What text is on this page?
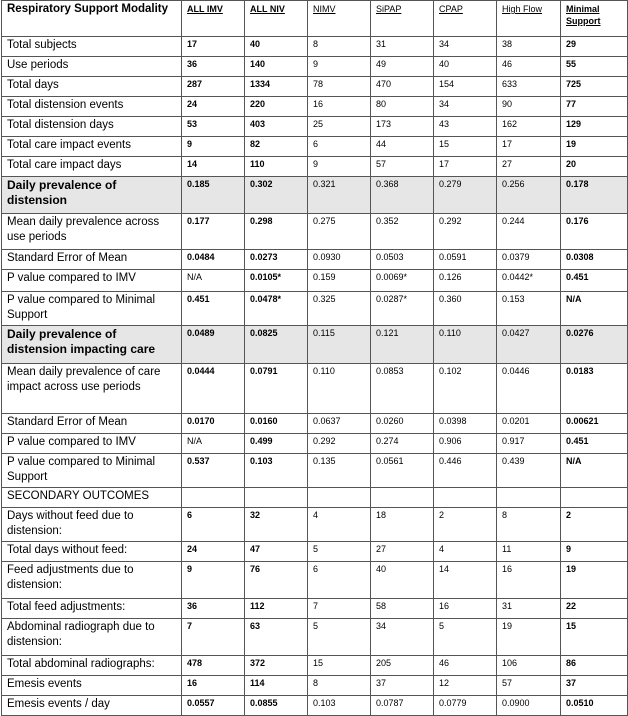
Respiratory Support Modality	ALL IMV	ALL NIV	NIMV	SiPAP	CPAP	High Flow	Minimal Support
Total subjects	17	40	8	31	34	38	29
Use periods	36	140	9	49	40	46	55
Total days	287	1334	78	470	154	633	725
Total distension events	24	220	16	80	34	90	77
Total distension days	53	403	25	173	43	162	129
Total care impact events	9	82	6	44	15	17	19
Total care impact days	14	110	9	57	17	27	20
Daily prevalence of distension	0.185	0.302	0.321	0.368	0.279	0.256	0.178
Mean daily prevalence across use periods	0.177	0.298	0.275	0.352	0.292	0.244	0.176
Standard Error of Mean	0.0484	0.0273	0.0930	0.0503	0.0591	0.0379	0.0308
P value compared to IMV	N/A	0.0105*	0.159	0.0069*	0.126	0.0442*	0.451
P value compared to Minimal Support	0.451	0.0478*	0.325	0.0287*	0.360	0.153	N/A
Daily prevalence of distension impacting care	0.0489	0.0825	0.115	0.121	0.110	0.0427	0.0276
Mean daily prevalence of care impact across use periods	0.0444	0.0791	0.110	0.0853	0.102	0.0446	0.0183
Standard Error of Mean	0.0170	0.0160	0.0637	0.0260	0.0398	0.0201	0.00621
P value compared to IMV	N/A	0.499	0.292	0.274	0.906	0.917	0.451
P value compared to Minimal Support	0.537	0.103	0.135	0.0561	0.446	0.439	N/A
SECONDARY OUTCOMES							
Days without feed due to distension:	6	32	4	18	2	8	2
Total days without feed:	24	47	5	27	4	11	9
Feed adjustments due to distension:	9	76	6	40	14	16	19
Total feed adjustments:	36	112	7	58	16	31	22
Abdominal radiograph due to distension:	7	63	5	34	5	19	15
Total abdominal radiographs:	478	372	15	205	46	106	86
Emesis events	16	114	8	37	12	57	37
Emesis events / day	0.0557	0.0855	0.103	0.0787	0.0779	0.0900	0.0510
